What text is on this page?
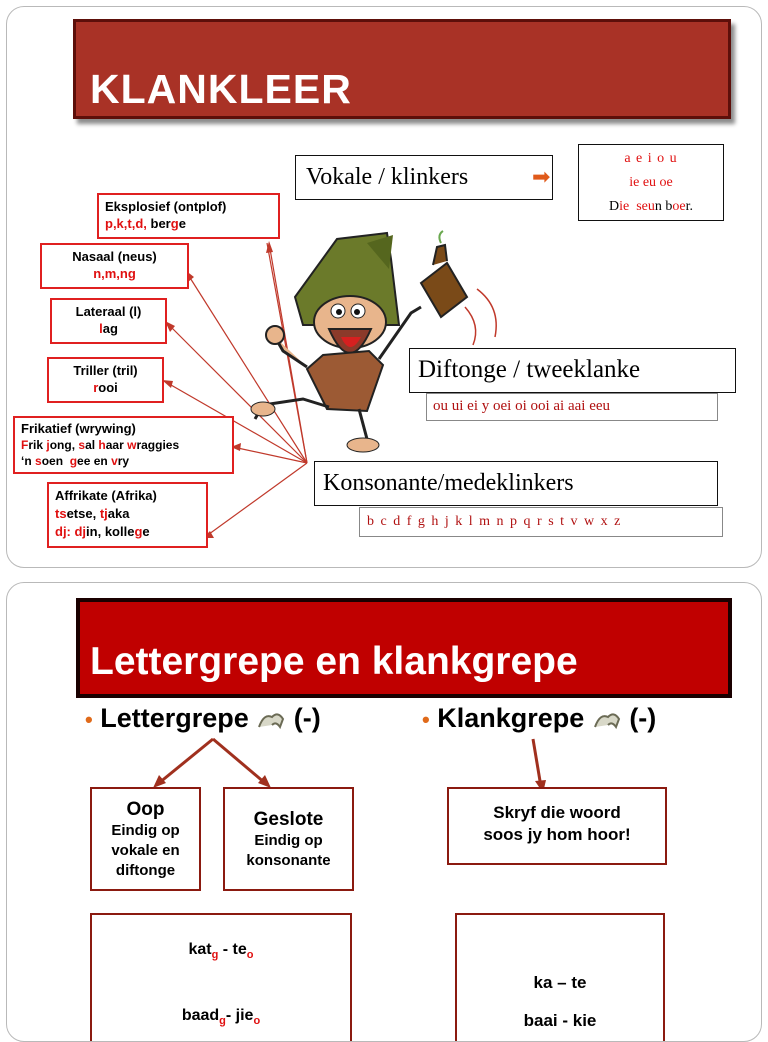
KLANKLEER
Vokale / klinkers	➡
a e i o u
ie eu oe
Die seun boer.
Diftonge / tweeklanke
ou ui ei y oei oi ooi ai aai eeu
Konsonante/medeklinkers
b c d f g h j k l m n p q r s t v w x z
Eksplosief (ontplof)
p,k,t,d, berge
Nasaal (neus)
n,m,ng
Lateraal (l)
lag
Triller (tril)
rooi
Frikatief (wrywing)
Frik jong, sal haar wraggies
‘n soen  gee en vry
Affrikate (Afrika)
tsetse, tjaka
dj: djin, kollege
Lettergrepe en klankgrepe
• Lettergrepe (-)	• Klankgrepe (-)
Oop
Eindig op
vokale en
diftonge
Geslote
Eindig op
konsonante
Skryf die woord
soos jy hom hoor!
$kat_g - te_o$
baad$_g$- jie$_o$
ka – te
baai - kie
